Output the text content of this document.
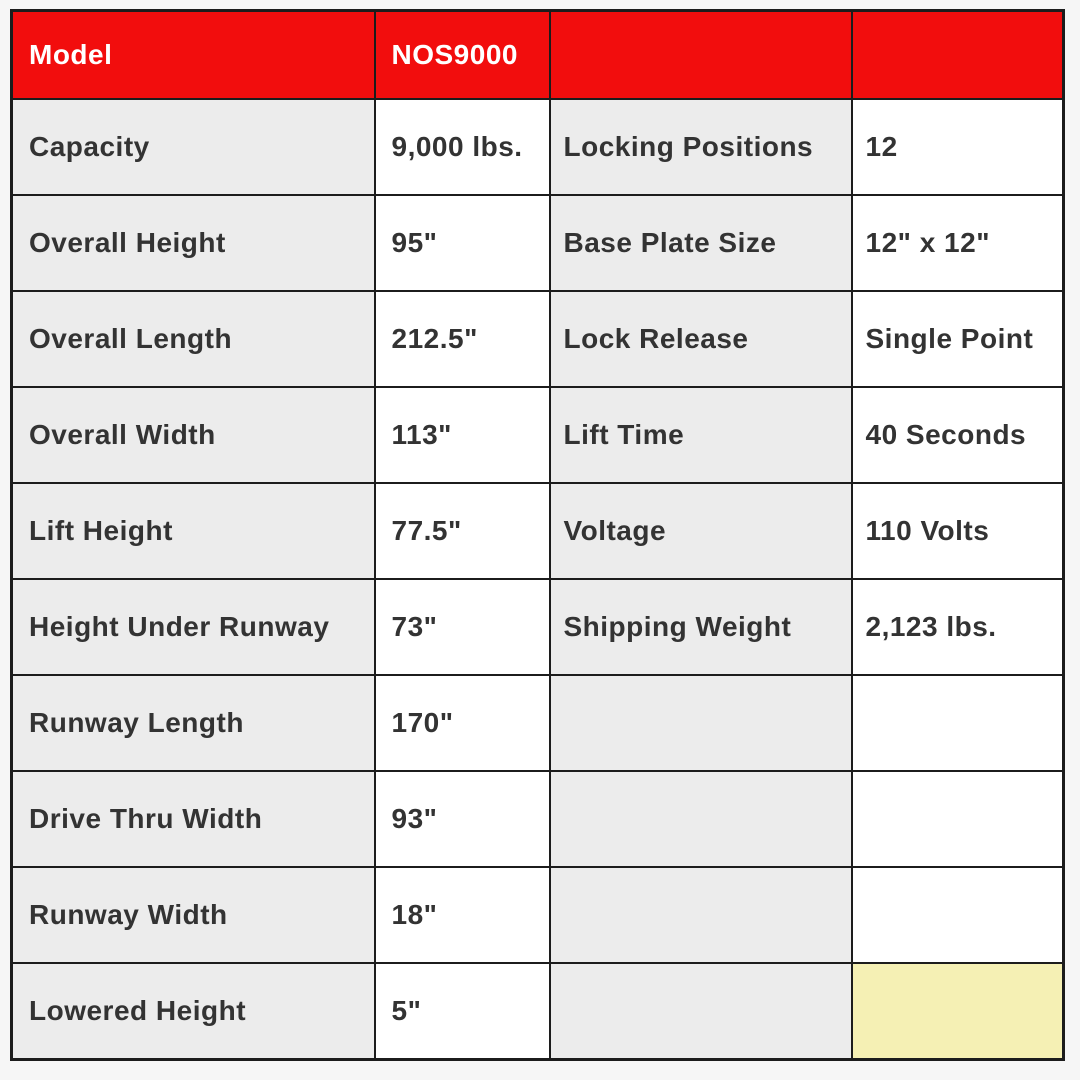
Model	NOS9000		
Capacity	9,000 lbs.	Locking Positions	12
Overall Height	95"	Base Plate Size	12" x 12"
Overall Length	212.5"	Lock Release	Single Point
Overall Width	113"	Lift Time	40 Seconds
Lift Height	77.5"	Voltage	110 Volts
Height Under Runway	73"	Shipping Weight	2,123 lbs.
Runway Length	170"		
Drive Thru Width	93"		
Runway Width	18"		
Lowered Height	5"		
